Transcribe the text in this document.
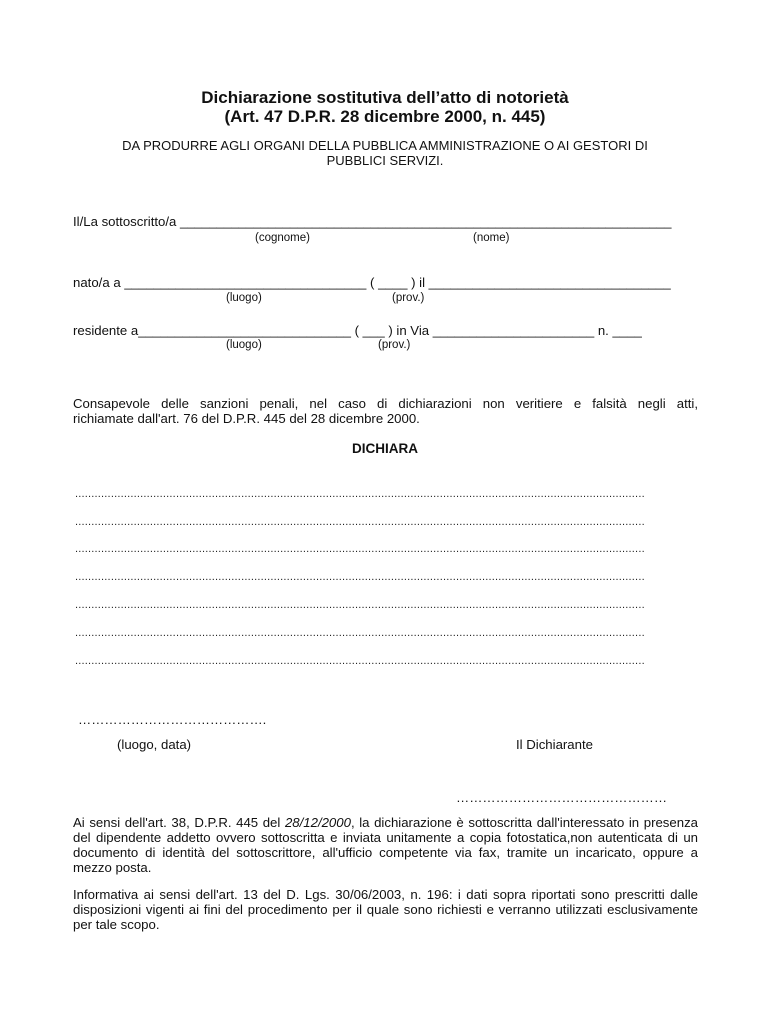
Dichiarazione sostitutiva dell’atto di notorietà
(Art. 47 D.P.R. 28 dicembre 2000, n. 445)
DA PRODURRE AGLI ORGANI DELLA PUBBLICA AMMINISTRAZIONE O AI GESTORI DI
PUBBLICI SERVIZI.
Il/La sottoscritto/a ___________________________________________________________________
(cognome)	(nome)
nato/a a _________________________________ ( ____ ) il _________________________________
(luogo)	(prov.)
residente a_____________________________ ( ___ ) in Via ______________________ n. ____
(luogo)	(prov.)
Consapevole delle sanzioni penali, nel caso di dichiarazioni non veritiere e falsità negli atti,
richiamate dall'art. 76 del D.P.R. 445 del 28 dicembre 2000.
DICHIARA
...............................................................................................................................................................................
...............................................................................................................................................................................
...............................................................................................................................................................................
...............................................................................................................................................................................
...............................................................................................................................................................................
...............................................................................................................................................................................
...............................................................................................................................................................................
…………………………………….
(luogo, data)	Il Dichiarante
…………………………………………
Ai sensi dell'art. 38, D.P.R. 445 del 28/12/2000, la dichiarazione è sottoscritta dall'interessato in presenza del dipendente addetto ovvero sottoscritta e inviata unitamente a copia fotostatica,non autenticata di un documento di identità del sottoscrittore, all'ufficio competente via fax, tramite un incaricato, oppure a mezzo posta.
Informativa ai sensi dell'art. 13 del D. Lgs. 30/06/2003, n. 196: i dati sopra riportati sono prescritti dalle disposizioni vigenti ai fini del procedimento per il quale sono richiesti e verranno utilizzati esclusivamente per tale scopo.
